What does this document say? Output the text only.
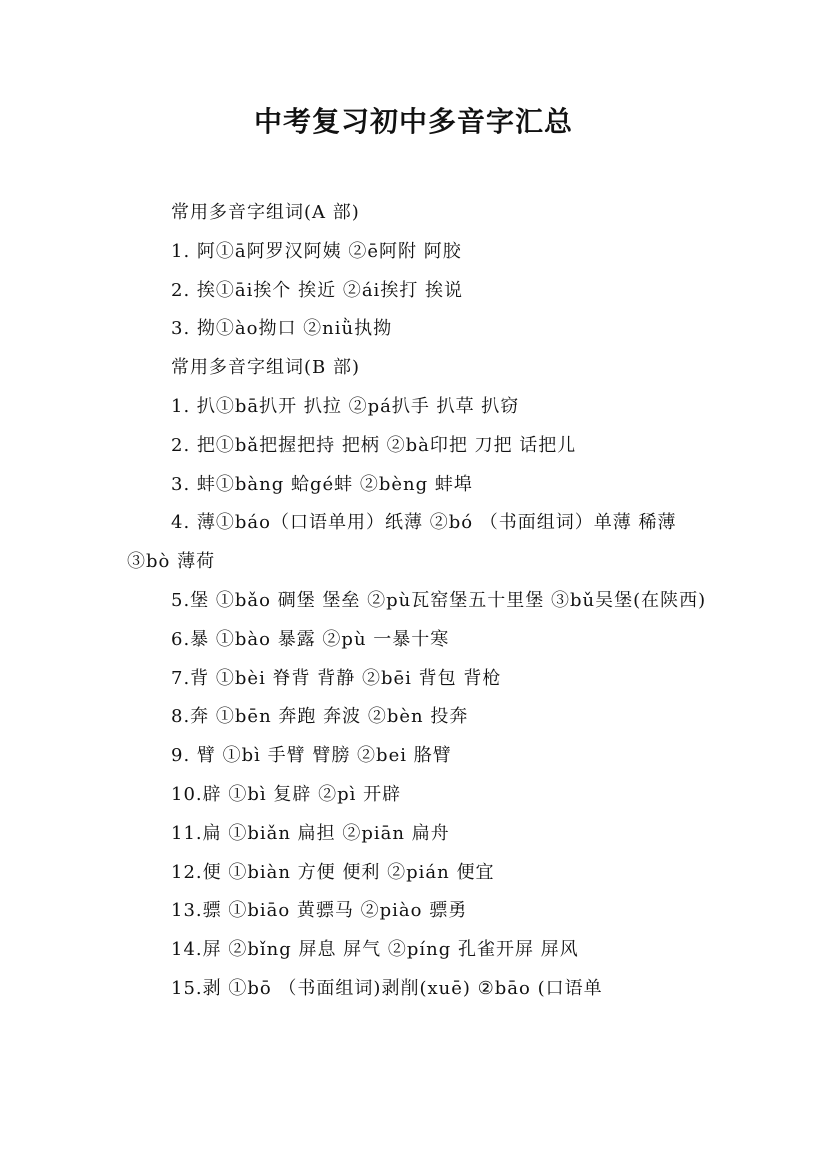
中考复习初中多音字汇总

常用多音字组词(A 部)

1. 阿①ā阿罗汉阿姨 ②ē阿附 阿胶

2. 挨①āi挨个 挨近 ②ái挨打 挨说

3. 拗①ào拗口 ②niǜ执拗

常用多音字组词(B 部)

1. 扒①bā扒开 扒拉 ②pá扒手 扒草 扒窃

2. 把①bǎ把握把持 把柄 ②bà印把 刀把 话把儿

3. 蚌①bàng 蛤gé蚌 ②bèng 蚌埠

4. 薄①báo（口语单用）纸薄 ②bó （书面组词）单薄 稀薄 ③bò 薄荷

5.堡 ①bǎo 碉堡 堡垒 ②pù瓦窑堡五十里堡 ③bǔ吴堡(在陕西)

6.暴 ①bào 暴露 ②pù 一暴十寒

7.背 ①bèi 脊背 背静 ②bēi 背包 背枪

8.奔 ①bēn 奔跑 奔波 ②bèn 投奔

9. 臂 ①bì 手臂 臂膀 ②bei 胳臂

10.辟 ①bì 复辟 ②pì 开辟

11.扁 ①biǎn 扁担 ②piān 扁舟

12.便 ①biàn 方便 便利 ②pián 便宜

13.骠 ①biāo 黄骠马 ②piào 骠勇

14.屏 ②bǐng 屏息 屏气 ②píng 孔雀开屏 屏风

15.剥 ①bō （书面组词)剥削(xuē) ②bāo (口语单
